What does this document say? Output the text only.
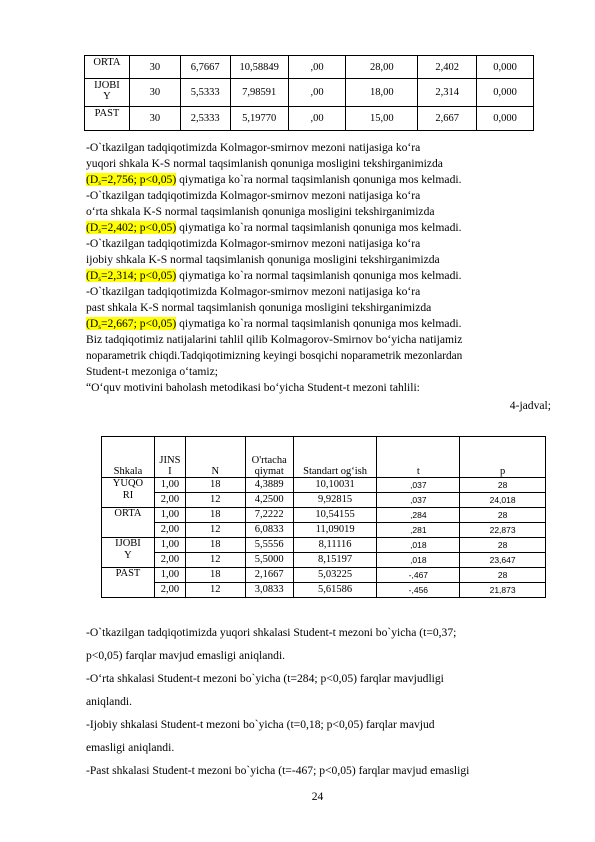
ORTA	30	6,7667	10,58849	,00	28,00	2,402	0,000
IJOBI Y	30	5,5333	7,98591	,00	18,00	2,314	0,000
PAST	30	2,5333	5,19770	,00	15,00	2,667	0,000
-O`tkazilgan tadqiqotimizda Kolmagor-smirnov mezoni natijasiga ko‘ra
yuqori shkala K-S normal taqsimlanish qonuniga mosligini tekshirganimizda
($D_s=2,756$; p<0,05) qiymatiga ko`ra normal taqsimlanish qonuniga mos kelmadi.
-O`tkazilgan tadqiqotimizda Kolmagor-smirnov mezoni natijasiga ko‘ra
o‘rta shkala K-S normal taqsimlanish qonuniga mosligini tekshirganimizda
($D_s=2,402$; p<0,05) qiymatiga ko`ra normal taqsimlanish qonuniga mos kelmadi.
-O`tkazilgan tadqiqotimizda Kolmagor-smirnov mezoni natijasiga ko‘ra
ijobiy shkala K-S normal taqsimlanish qonuniga mosligini tekshirganimizda
($D_s=2,314$; p<0,05) qiymatiga ko`ra normal taqsimlanish qonuniga mos kelmadi.
-O`tkazilgan tadqiqotimizda Kolmagor-smirnov mezoni natijasiga ko‘ra
past shkala K-S normal taqsimlanish qonuniga mosligini tekshirganimizda
($D_s=2,667$; p<0,05) qiymatiga ko`ra normal taqsimlanish qonuniga mos kelmadi.
Biz tadqiqotimiz natijalarini tahlil qilib Kolmagorov-Smirnov bo‘yicha natijamiz
noparametrik chiqdi.Tadqiqotimizning keyingi bosqichi noparametrik mezonlardan
Student-t mezoniga o‘tamiz;
“O‘quv motivini baholash metodikasi bo‘yicha Student-t mezoni tahlili:
4-jadval;
Shkala	JINS I	N	O'rtacha qiymat	Standart og‘ish	t	p
YUQO RI	1,00	18	4,3889	10,10031	,037	28
	2,00	12	4,2500	9,92815	,037	24,018
ORTA	1,00	18	7,2222	10,54155	,284	28
	2,00	12	6,0833	11,09019	,281	22,873
IJOBI Y	1,00	18	5,5556	8,11116	,018	28
	2,00	12	5,5000	8,15197	,018	23,647
PAST	1,00	18	2,1667	5,03225	-,467	28
	2,00	12	3,0833	5,61586	-,456	21,873
-O`tkazilgan tadqiqotimizda yuqori shkalasi Student-t mezoni bo`yicha (t=0,37;
p<0,05) farqlar mavjud emasligi aniqlandi.
-O‘rta shkalasi Student-t mezoni bo`yicha (t=284; p<0,05) farqlar mavjudligi
aniqlandi.
-Ijobiy shkalasi Student-t mezoni bo`yicha (t=0,18; p<0,05) farqlar mavjud
emasligi aniqlandi.
-Past shkalasi Student-t mezoni bo`yicha (t=-467; p<0,05) farqlar mavjud emasligi
24
